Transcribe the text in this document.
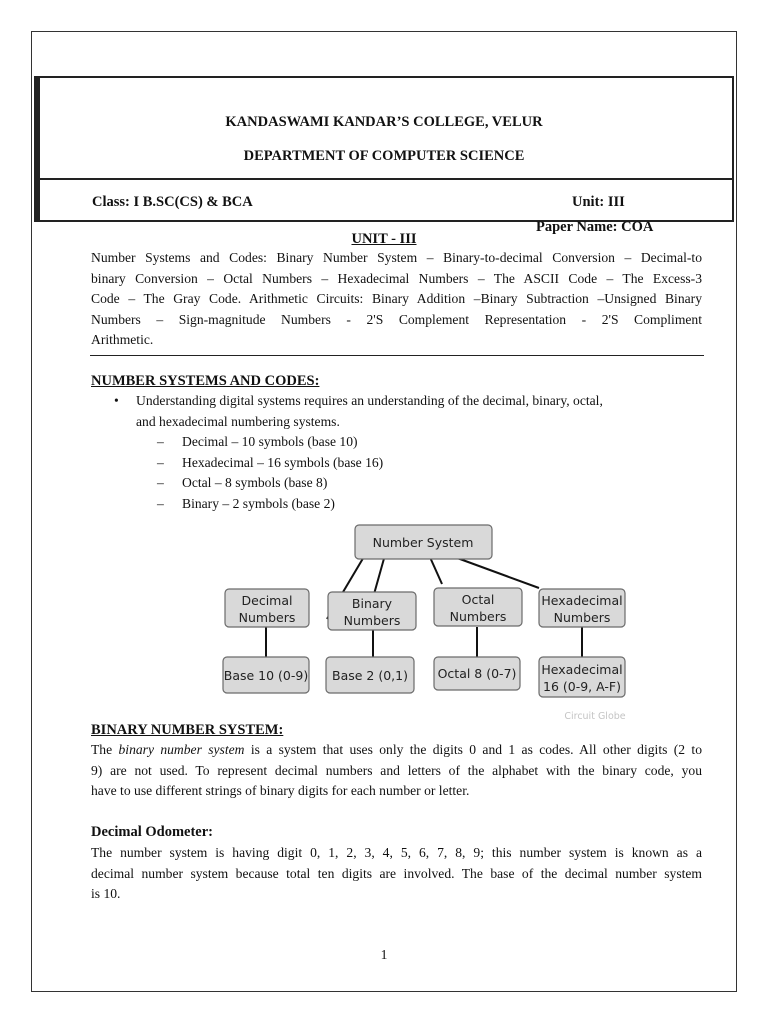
KANDASWAMI KANDAR’S COLLEGE, VELUR
DEPARTMENT OF COMPUTER SCIENCE
Class: I B.SC(CS) & BCA	Unit: III
Paper Name: COA
UNIT - III

Number Systems and Codes: Binary Number System – Binary-to-decimal Conversion – Decimal-to

binary Conversion – Octal Numbers – Hexadecimal Numbers – The ASCII Code – The Excess-3

Code – The Gray Code. Arithmetic Circuits: Binary Addition –Binary Subtraction –Unsigned Binary

Numbers – Sign-magnitude Numbers - 2'S Complement Representation - 2'S Compliment

Arithmetic.

NUMBER SYSTEMS AND CODES:
• Understanding digital systems requires an understanding of the decimal, binary, octal,
and hexadecimal numbering systems.
– Decimal – 10 symbols (base 10)
– Hexadecimal – 16 symbols (base 16)
– Octal – 8 symbols (base 8)
– Binary – 2 symbols (base 2)
Number System
Decimal
Numbers
Binary
Numbers
Octal
Numbers
Hexadecimal
Numbers
Base 10 (0-9) Base 2 (0,1) Octal 8 (0-7) Hexadecimal
16 (0-9, A-F)
Circuit Globe
BINARY NUMBER SYSTEM:

The binary number system is a system that uses only the digits 0 and 1 as codes. All other digits (2 to

9) are not used. To represent decimal numbers and letters of the alphabet with the binary code, you

have to use different strings of binary digits for each number or letter.

Decimal Odometer:

The number system is having digit 0, 1, 2, 3, 4, 5, 6, 7, 8, 9; this number system is known as a

decimal number system because total ten digits are involved. The base of the decimal number system

is 10.

1
